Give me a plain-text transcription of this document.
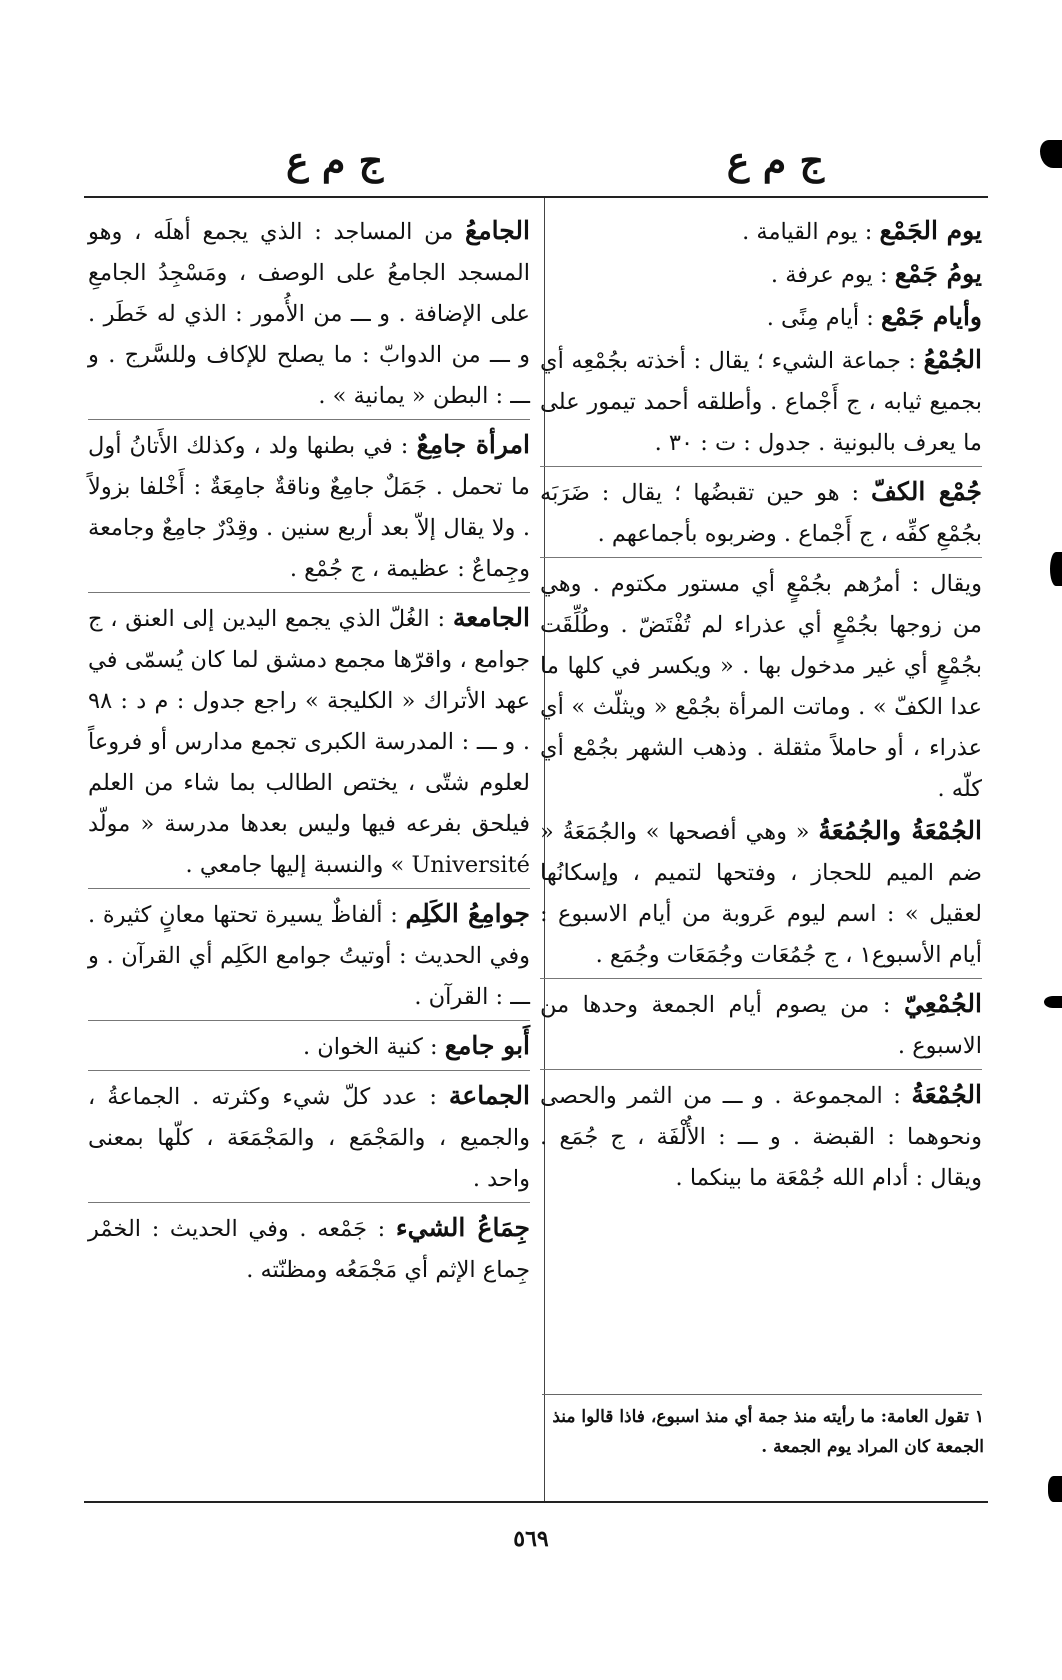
ج م ع
ج م ع

يوم الجَمْع : يوم القيامة .

يومُ جَمْع : يوم عرفة .

وأيام جَمْع : أيام مِنًى .

الجُمْعُ : جماعة الشيء ؛ يقال : أخذته بجُمْعِه أي بجميع ثيابه ، ج أَجْماع . وأطلقه أحمد تيمور على ما يعرف بالبونية . جدول : ت : ٣٠ .

جُمْع الكفّ : هو حين تقبضُها ؛ يقال : ضَرَبَه بجُمْعِ كفِّه ، ج أَجْماع . وضربوه بأجماعهم .

ويقال : أمرُهم بجُمْعٍ أي مستور مكتوم . وهي من زوجها بجُمْعٍ أي عذراء لم تُفْتَضّ . وطُلِّقَت بجُمْعٍ أي غير مدخول بها . « ويكسر في كلها ما عدا الكفّ » . وماتت المرأة بجُمْع « ويثلّث » أي عذراء ، أو حاملاً مثقلة . وذهب الشهر بجُمْع أي كلّه .

الجُمْعَةُ والجُمُعَةُ « وهي أفصحها » والجُمَعَةُ « ضم الميم للحجاز ، وفتحها لتميم ، وإسكانُها لعقيل » : اسم ليوم عَروبة من أيام الاسبوع : أيام الأسبوع١ ، ج جُمُعَات وجُمَعَات وجُمَع .

الجُمْعِيّ : من يصوم أيام الجمعة وحدها من الاسبوع .

الجُمْعَةُ : المجموعة . و ـــ من الثمر والحصى ونحوهما : القبضة . و ـــ : الأُلْفَة ، ج جُمَع . ويقال : أدام الله جُمْعَة ما بينكما .

الجامعُ من المساجد : الذي يجمع أهلَه ، وهو المسجد الجامعُ على الوصف ، ومَسْجِدُ الجامعِ على الإضافة . و ـــ من الأُمور : الذي له خَطَر . و ـــ من الدوابّ : ما يصلح للإكاف وللسَّرج . و ـــ : البطن « يمانية » .

امرأة جامِعٌ : في بطنها ولد ، وكذلك الأَتانُ أول ما تحمل . جَمَلٌ جامِعٌ وناقةٌ جامِعَةٌ : أَخْلفا بزولاً . ولا يقال إلاّ بعد أربع سنين . وقِدْرٌ جامِعٌ وجامعة وجِماعٌ : عظيمة ، ج جُمْع .

الجامعة : الغُلّ الذي يجمع اليدين إلى العنق ، ج جوامع ، واقرّها مجمع دمشق لما كان يُسمّى في عهد الأتراك « الكليجة » راجع جدول : م د : ٩٨ . و ـــ : المدرسة الكبرى تجمع مدارس أو فروعاً لعلوم شتّى ، يختص الطالب بما شاء من العلم فيلحق بفرعه فيها وليس بعدها مدرسة « مولّد Université » والنسبة إليها جامعي .

جوامِعُ الكَلِم : ألفاظٌ يسيرة تحتها معانٍ كثيرة . وفي الحديث : أوتيتُ جوامع الكَلِم أي القرآن . و ـــ : القرآن .

أَبو جامع : كنية الخوان .

الجماعة : عدد كلّ شيء وكثرته . الجماعةُ ، والجميع ، والمَجْمَع ، والمَجْمَعَة ، كلّها بمعنى واحد .

جِمَاعُ الشيء : جَمْعه . وفي الحديث : الخمْر جِماع الإثم أي مَجْمَعُه ومظنّته .

١ تقول العامة: ما رأيته منذ جمة أي منذ اسبوع، فاذا قالوا منذ الجمعة كان المراد يوم الجمعة .
٥٦٩
